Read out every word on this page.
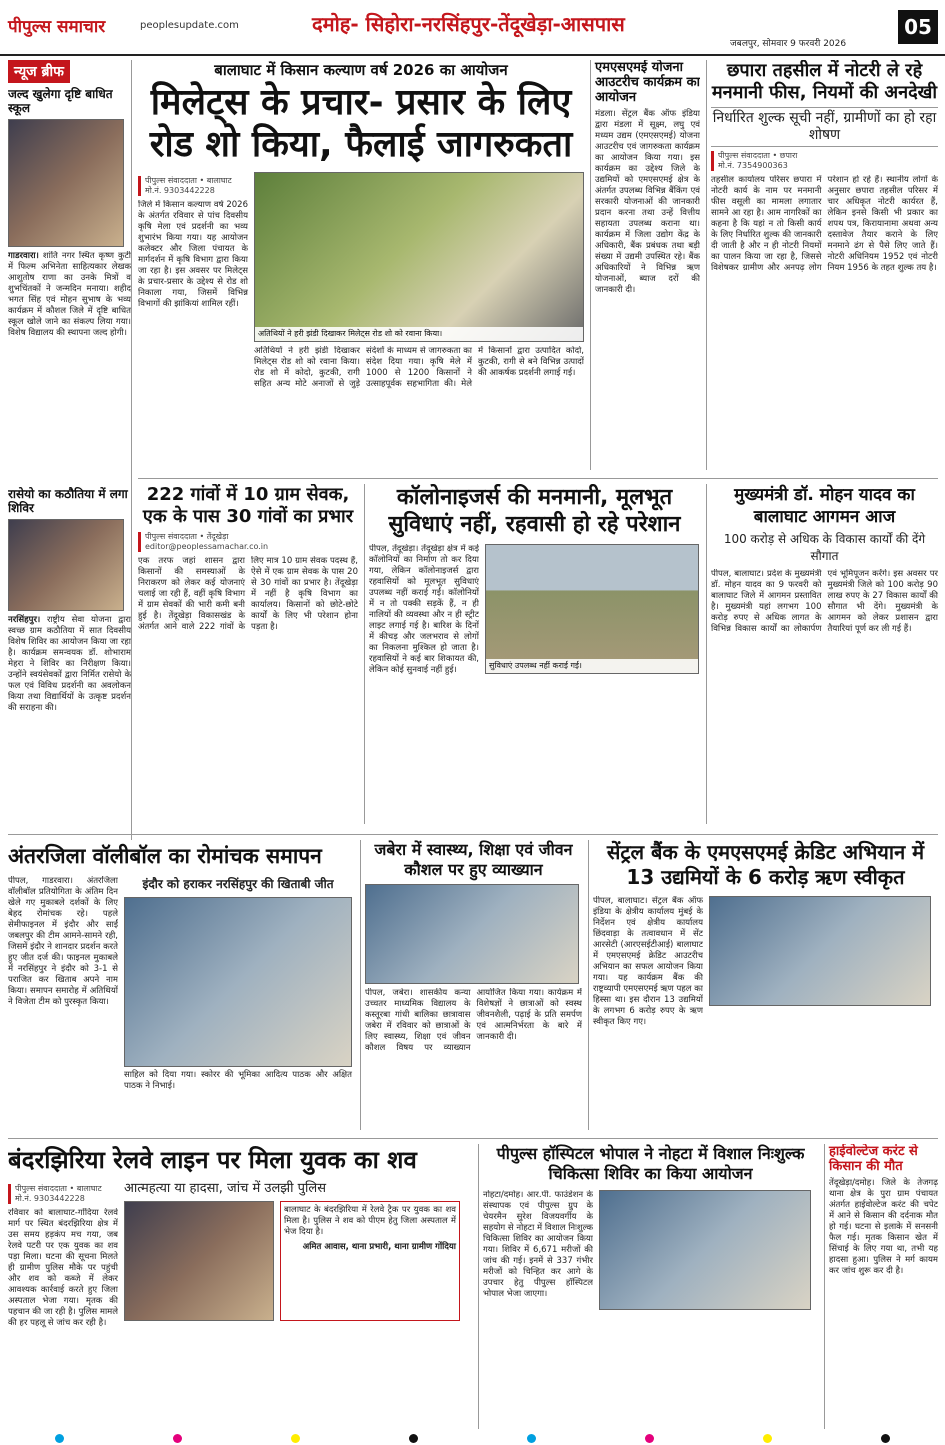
पीपुल्स समाचार	peoplesupdate.com	दमोह- सिहोरा-नरसिंहपुर-तेंदूखेड़ा-आसपास
जबलपुर, सोमवार 9 फरवरी 2026
05
न्यूज ब्रीफ
जल्द खुलेगा दृष्टि बाधित स्कूल
गाडरवारा। शांति नगर स्थित कृष्ण कुटी में फिल्म अभिनेता साहित्यकार लेखक आशुतोष राणा का उनके मित्रों व शुभचिंतकों ने जन्मदिन मनाया। शहीद भगत सिंह एवं मोहन सुभाष के भव्य कार्यक्रम में कौशल जिले में दृष्टि बाधित स्कूल खोले जाने का संकल्प लिया गया। विशेष विद्यालय की स्थापना जल्द होगी।
रासेयो का कठौतिया में लगा शिविर
नरसिंहपुर। राष्ट्रीय सेवा योजना द्वारा स्वच्छ ग्राम कठौतिया में सात दिवसीय विशेष शिविर का आयोजन किया जा रहा है। कार्यक्रम समन्वयक डॉ. शोभाराम मेहरा ने शिविर का निरीक्षण किया। उन्होंने स्वयंसेवकों द्वारा निर्मित रासेयो के फल एवं विविध प्रदर्शनी का अवलोकन किया तथा विद्यार्थियों के उत्कृष्ट प्रदर्शन की सराहना की।
बालाघाट में किसान कल्याण वर्ष 2026 का आयोजन
मिलेट्स के प्रचार- प्रसार के लिए रोड शो किया, फैलाई जागरुकता
पीपुल्स संवाददाता • बालाघाट
मो.नं. 9303442228
जिले में किसान कल्याण वर्ष 2026 के अंतर्गत रविवार से पांच दिवसीय कृषि मेला एवं प्रदर्शनी का भव्य शुभारंभ किया गया। यह आयोजन कलेक्टर और जिला पंचायत के मार्गदर्शन में कृषि विभाग द्वारा किया जा रहा है। इस अवसर पर मिलेट्स के प्रचार-प्रसार के उद्देश्य से रोड शो निकाला गया, जिसमें विभिन्न विभागों की झांकियां शामिल रहीं।
अतिथियों ने हरी झंडी दिखाकर मिलेट्स रोड शो को रवाना किया।
अतिथियों ने हरी झंडी दिखाकर मिलेट्स रोड शो को रवाना किया। रोड शो में कोदो, कुटकी, रागी सहित अन्य मोटे अनाजों से जुड़े संदेशों के माध्यम से जागरुकता का संदेश दिया गया। कृषि मेले में 1000 से 1200 किसानों ने उत्साहपूर्वक सहभागिता की। मेले में किसानों द्वारा उत्पादित कोदो, कुटकी, रागी से बने विभिन्न उत्पादों की आकर्षक प्रदर्शनी लगाई गई।
एमएसएमई योजना आउटरीच कार्यक्रम का आयोजन
मंडला। सेंट्रल बैंक ऑफ इंडिया द्वारा मंडला में सूक्ष्म, लघु एवं मध्यम उद्यम (एमएसएमई) योजना आउटरीच एवं जागरुकता कार्यक्रम का आयोजन किया गया। इस कार्यक्रम का उद्देश्य जिले के उद्यमियों को एमएसएमई क्षेत्र के अंतर्गत उपलब्ध विभिन्न बैंकिंग एवं सरकारी योजनाओं की जानकारी प्रदान करना तथा उन्हें वित्तीय सहायता उपलब्ध कराना था। कार्यक्रम में जिला उद्योग केंद्र के अधिकारी, बैंक प्रबंधक तथा बड़ी संख्या में उद्यमी उपस्थित रहे। बैंक अधिकारियों ने विभिन्न ऋण योजनाओं, ब्याज दरों की जानकारी दी।
छपारा तहसील में नोटरी ले रहे मनमानी फीस, नियमों की अनदेखी
निर्धारित शुल्क सूची नहीं, ग्रामीणों का हो रहा शोषण
पीपुल्स संवाददाता • छपारा
मो.नं. 7354900363
तहसील कार्यालय परिसर छपारा में नोटरी कार्य के नाम पर मनमानी फीस वसूली का मामला लगातार सामने आ रहा है। आम नागरिकों का कहना है कि यहां न तो किसी कार्य के लिए निर्धारित शुल्क की जानकारी दी जाती है और न ही नोटरी नियमों का पालन किया जा रहा है, जिससे विशेषकर ग्रामीण और अनपढ़ लोग परेशान हो रहे हैं। स्थानीय लोगों के अनुसार छपारा तहसील परिसर में चार अधिकृत नोटरी कार्यरत हैं, लेकिन इनसे किसी भी प्रकार का शपथ पत्र, किरायानामा अथवा अन्य दस्तावेज तैयार कराने के लिए मनमाने ढंग से पैसे लिए जाते हैं। नोटरी अधिनियम 1952 एवं नोटरी नियम 1956 के तहत शुल्क तय है।
222 गांवों में 10 ग्राम सेवक, एक के पास 30 गांवों का प्रभार
पीपुल्स संवाददाता • तेंदूखेड़ा
editor@peoplessamachar.co.in
एक तरफ जहां शासन द्वारा किसानों की समस्याओं के निराकरण को लेकर कई योजनाएं चलाई जा रही हैं, वहीं कृषि विभाग में ग्राम सेवकों की भारी कमी बनी हुई है। तेंदूखेड़ा विकासखंड के अंतर्गत आने वाले 222 गांवों के लिए मात्र 10 ग्राम सेवक पदस्थ हैं, ऐसे में एक ग्राम सेवक के पास 20 से 30 गांवों का प्रभार है। तेंदूखेड़ा में नहीं है कृषि विभाग का कार्यालय। किसानों को छोटे-छोटे कार्यों के लिए भी परेशान होना पड़ता है।
कॉलोनाइजर्स की मनमानी, मूलभूत सुविधाएं नहीं, रहवासी हो रहे परेशान
पीपल, तेंदूखेड़ा। तेंदूखेड़ा क्षेत्र में कई कॉलोनियों का निर्माण तो कर दिया गया, लेकिन कॉलोनाइजर्स द्वारा रहवासियों को मूलभूत सुविधाएं उपलब्ध नहीं कराई गईं। कॉलोनियों में न तो पक्की सड़कें हैं, न ही नालियों की व्यवस्था और न ही स्ट्रीट लाइट लगाई गई है। बारिश के दिनों में कीचड़ और जलभराव से लोगों का निकलना मुश्किल हो जाता है। रहवासियों ने कई बार शिकायत की, लेकिन कोई सुनवाई नहीं हुई।	सुविधाएं उपलब्ध नहीं कराई गई।
मुख्यमंत्री डॉ. मोहन यादव का बालाघाट आगमन आज
100 करोड़ से अधिक के विकास कार्यों की देंगे सौगात
पीपल, बालाघाट। प्रदेश के मुख्यमंत्री डॉ. मोहन यादव का 9 फरवरी को बालाघाट जिले में आगमन प्रस्तावित है। मुख्यमंत्री यहां लगभग 100 करोड़ रुपए से अधिक लागत के विभिन्न विकास कार्यों का लोकार्पण एवं भूमिपूजन करेंगे। इस अवसर पर मुख्यमंत्री जिले को 100 करोड़ 90 लाख रुपए के 27 विकास कार्यों की सौगात भी देंगे। मुख्यमंत्री के आगमन को लेकर प्रशासन द्वारा तैयारियां पूर्ण कर ली गई हैं।
अंतरजिला वॉलीबॉल का रोमांचक समापन
पीपल, गाडरवारा। अंतरजिला वॉलीबॉल प्रतियोगिता के अंतिम दिन खेले गए मुकाबले दर्शकों के लिए बेहद रोमांचक रहे। पहले सेमीफाइनल में इंदौर और साईं जबलपुर की टीम आमने-सामने रही, जिसमें इंदौर ने शानदार प्रदर्शन करते हुए जीत दर्ज की। फाइनल मुकाबले में नरसिंहपुर ने इंदौर को 3-1 से पराजित कर खिताब अपने नाम किया। समापन समारोह में अतिथियों ने विजेता टीम को पुरस्कृत किया।
इंदौर को हराकर नरसिंहपुर की खिताबी जीत
साहिल को दिया गया। स्कोरर की भूमिका आदित्य पाठक और अक्षित पाठक ने निभाई।
जबेरा में स्वास्थ्य, शिक्षा एवं जीवन कौशल पर हुए व्याख्यान
पीपल, जबेरा। शासकीय कन्या उच्चतर माध्यमिक विद्यालय के कस्तूरबा गांधी बालिका छात्रावास जबेरा में रविवार को छात्राओं के लिए स्वास्थ्य, शिक्षा एवं जीवन कौशल विषय पर व्याख्यान आयोजित किया गया। कार्यक्रम में विशेषज्ञों ने छात्राओं को स्वस्थ जीवनशैली, पढ़ाई के प्रति समर्पण एवं आत्मनिर्भरता के बारे में जानकारी दी।
सेंट्रल बैंक के एमएसएमई क्रेडिट अभियान में 13 उद्यमियों के 6 करोड़ ऋण स्वीकृत
पीपल, बालाघाट। सेंट्रल बैंक ऑफ इंडिया के क्षेत्रीय कार्यालय मुंबई के निर्देशन एवं क्षेत्रीय कार्यालय छिंदवाड़ा के तत्वावधान में सेंट आरसेटी (आरएसईटीआई) बालाघाट में एमएसएमई क्रेडिट आउटरीच अभियान का सफल आयोजन किया गया। यह कार्यक्रम बैंक की राष्ट्रव्यापी एमएसएमई ऋण पहल का हिस्सा था। इस दौरान 13 उद्यमियों के लगभग 6 करोड़ रुपए के ऋण स्वीकृत किए गए।
बंदरझिरिया रेलवे लाइन पर मिला युवक का शव
पीपुल्स संवाददाता • बालाघाट
मो.नं. 9303442228
रविवार को बालाघाट-गोंदिया रेलवे मार्ग पर स्थित बंदरझिरिया क्षेत्र में उस समय हड़कंप मच गया, जब रेलवे पटरी पर एक युवक का शव पड़ा मिला। घटना की सूचना मिलते ही ग्रामीण पुलिस मौके पर पहुंची और शव को कब्जे में लेकर आवश्यक कार्रवाई करते हुए जिला अस्पताल भेजा गया। मृतक की पहचान की जा रही है। पुलिस मामले की हर पहलू से जांच कर रही है।
आत्महत्या या हादसा, जांच में उलझी पुलिस
बालाघाट के बंदरझिरिया में रेलवे ट्रैक पर युवक का शव मिला है। पुलिस ने शव को पीएम हेतु जिला अस्पताल में भेज दिया है।
अमित आवास, थाना प्रभारी, थाना ग्रामीण गोंदिया
पीपुल्स हॉस्पिटल भोपाल ने नोहटा में विशाल निःशुल्क चिकित्सा शिविर का किया आयोजन
नोहटा/दमोह। आर.पी. फाउंडेशन के संस्थापक एवं पीपुल्स ग्रुप के चेयरमैन सुरेश विजयवर्गीय के सहयोग से नोहटा में विशाल निःशुल्क चिकित्सा शिविर का आयोजन किया गया। शिविर में 6,671 मरीजों की जांच की गई। इनमें से 337 गंभीर मरीजों को चिन्हित कर आगे के उपचार हेतु पीपुल्स हॉस्पिटल भोपाल भेजा जाएगा।
हाईवोल्टेज करंट से किसान की मौत
तेंदूखेड़ा/दमोह। जिले के तेजगढ़ थाना क्षेत्र के पुरा ग्राम पंचायत अंतर्गत हाईवोल्टेज करंट की चपेट में आने से किसान की दर्दनाक मौत हो गई। घटना से इलाके में सनसनी फैल गई। मृतक किसान खेत में सिंचाई के लिए गया था, तभी यह हादसा हुआ। पुलिस ने मर्ग कायम कर जांच शुरू कर दी है।
